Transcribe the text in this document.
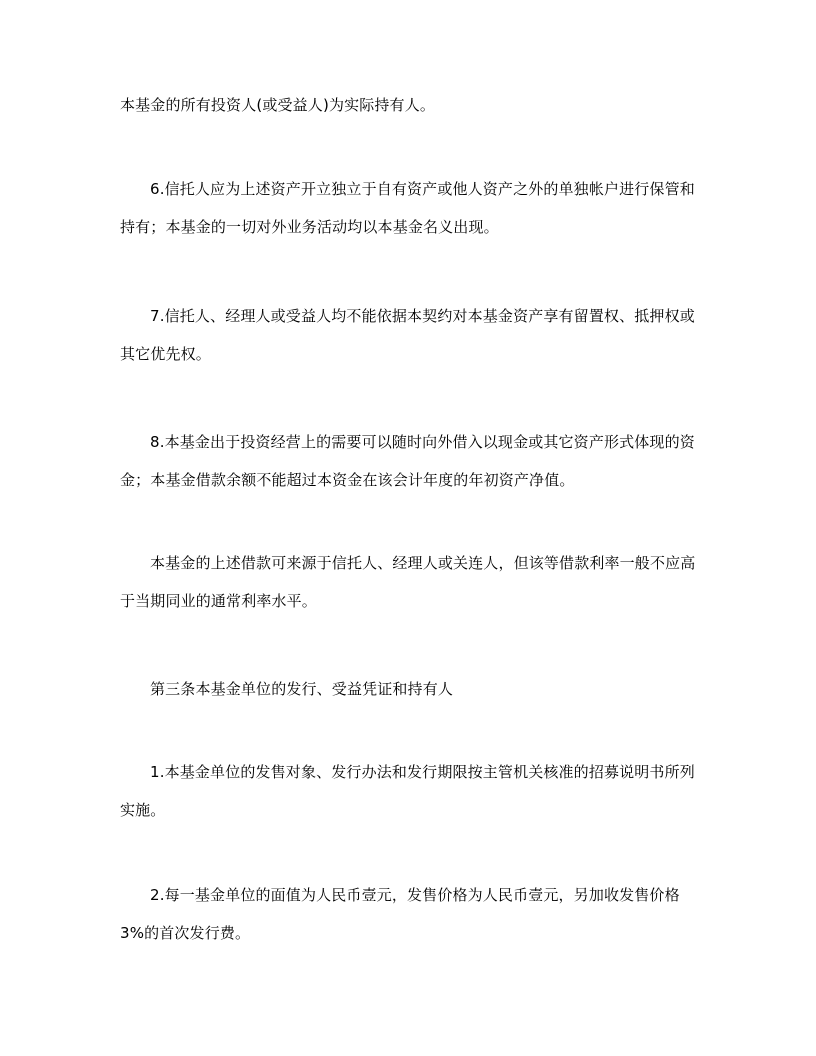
本基金的所有投资人(或受益人)为实际持有人。

6.信托人应为上述资产开立独立于自有资产或他人资产之外的单独帐户进行保管和持有；本基金的一切对外业务活动均以本基金名义出现。

7.信托人、经理人或受益人均不能依据本契约对本基金资产享有留置权、抵押权或其它优先权。

8.本基金出于投资经营上的需要可以随时向外借入以现金或其它资产形式体现的资金；本基金借款余额不能超过本资金在该会计年度的年初资产净值。

本基金的上述借款可来源于信托人、经理人或关连人，但该等借款利率一般不应高于当期同业的通常利率水平。

第三条本基金单位的发行、受益凭证和持有人

1.本基金单位的发售对象、发行办法和发行期限按主管机关核准的招募说明书所列实施。

2.每一基金单位的面值为人民币壹元，发售价格为人民币壹元，另加收发售价格3%的首次发行费。
